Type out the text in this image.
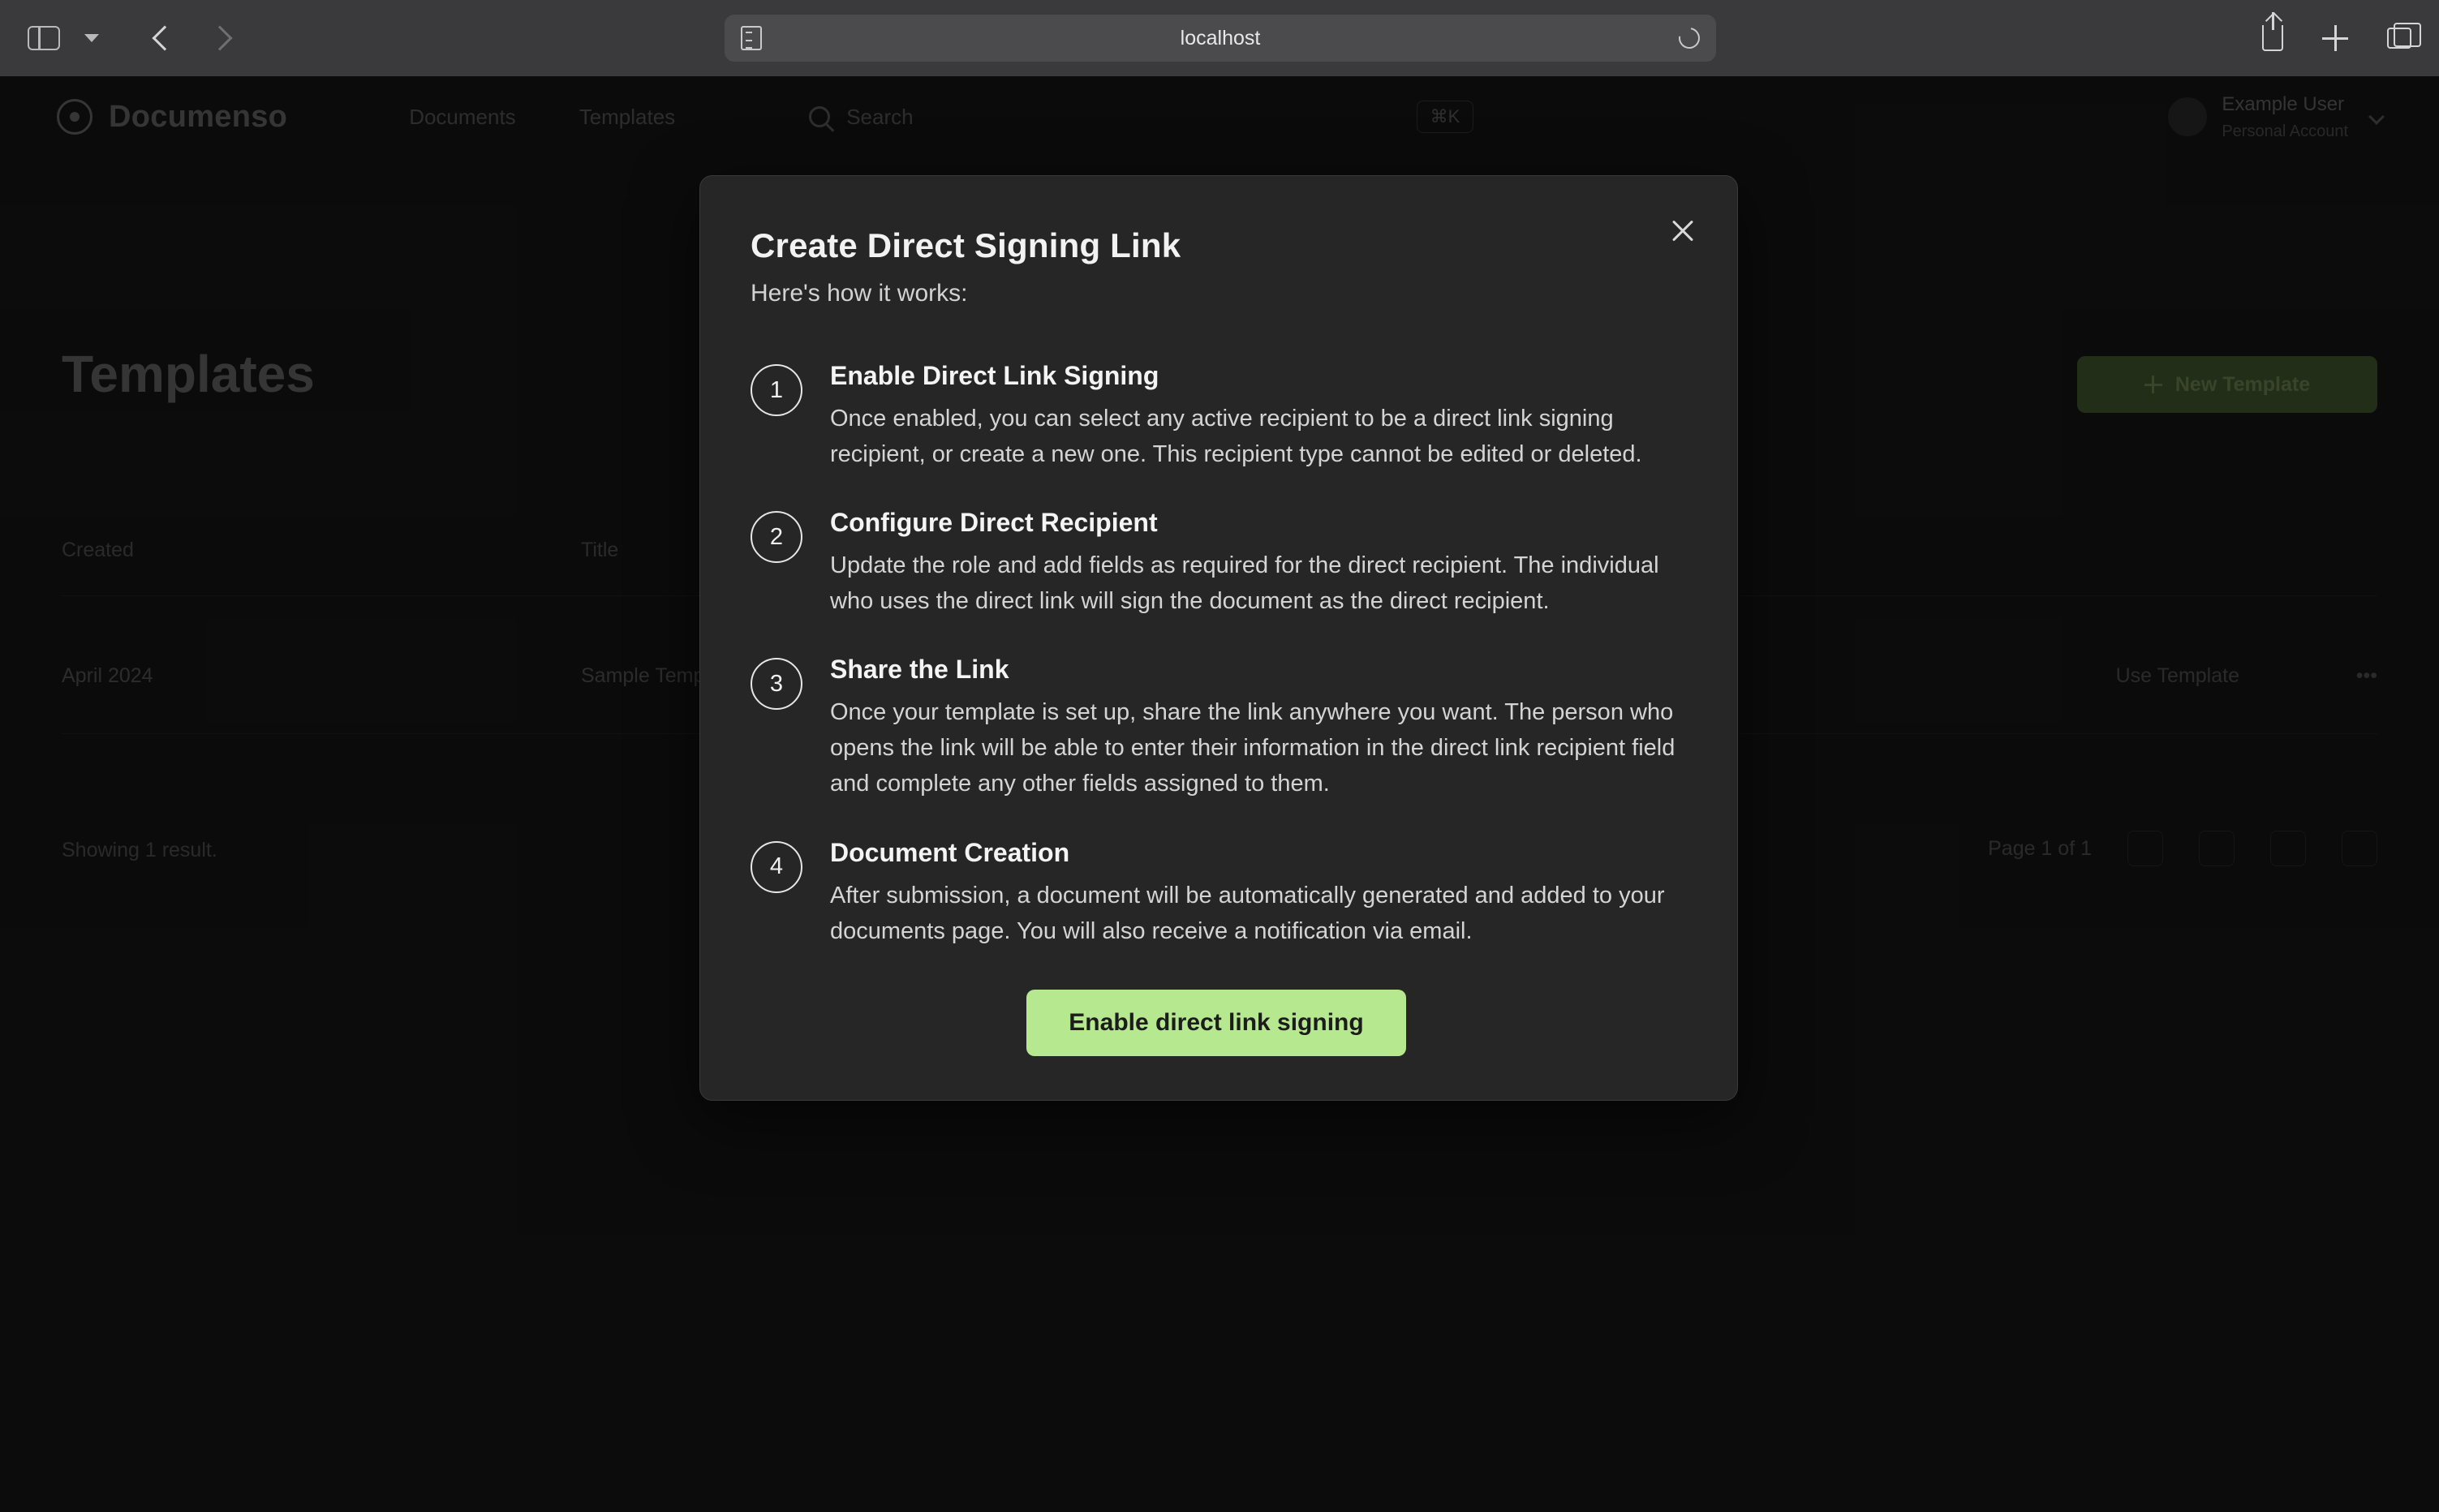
localhost
Create Direct Signing Link
Here's how it works:
1	Enable Direct Link Signing
Once enabled, you can select any active recipient to be a direct link signing recipient, or create a new one. This recipient type cannot be edited or deleted.
2	Configure Direct Recipient
Update the role and add fields as required for the direct recipient. The individual who uses the direct link will sign the document as the direct recipient.
3	Share the Link
Once your template is set up, share the link anywhere you want. The person who opens the link will be able to enter their information in the direct link recipient field and complete any other fields assigned to them.
4	Document Creation
After submission, a document will be automatically generated and added to your documents page. You will also receive a notification via email.
Enable direct link signing
